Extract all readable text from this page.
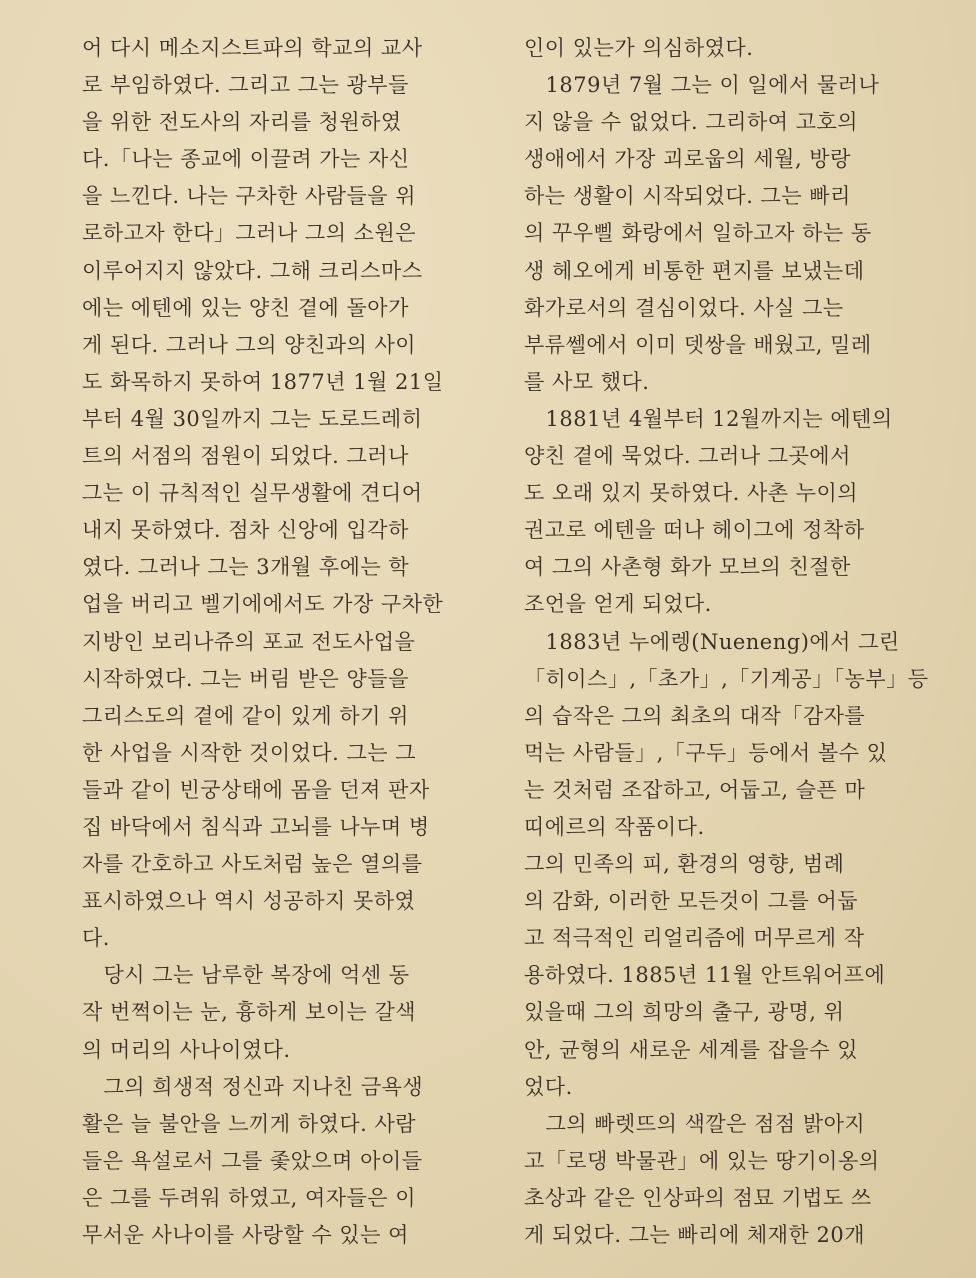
어 다시 메소지스트파의 학교의 교사
로 부임하였다. 그리고 그는 광부들
을 위한 전도사의 자리를 청원하였
다.「나는 종교에 이끌려 가는 자신
을 느낀다. 나는 구차한 사람들을 위
로하고자 한다」그러나 그의 소원은
이루어지지 않았다. 그해 크리스마스
에는 에텐에 있는 양친 곁에 돌아가
게 된다. 그러나 그의 양친과의 사이
도 화목하지 못하여 1877년 1월 21일
부터 4월 30일까지 그는 도로드레히
트의 서점의 점원이 되었다. 그러나
그는 이 규칙적인 실무생활에 견디어
내지 못하였다. 점차 신앙에 입각하
였다. 그러나 그는 3개월 후에는 학
업을 버리고 벨기에에서도 가장 구차한
지방인 보리나쥬의 포교 전도사업을
시작하였다. 그는 버림 받은 양들을
그리스도의 곁에 같이 있게 하기 위
한 사업을 시작한 것이었다. 그는 그
들과 같이 빈궁상태에 몸을 던져 판자
집 바닥에서 침식과 고뇌를 나누며 병
자를 간호하고 사도처럼 높은 열의를
표시하였으나 역시 성공하지 못하였
다.
　당시 그는 남루한 복장에 억센 동
작 번쩍이는 눈, 흉하게 보이는 갈색
의 머리의 사나이였다.
　그의 희생적 정신과 지나친 금욕생
활은 늘 불안을 느끼게 하였다. 사람
들은 욕설로서 그를 좇았으며 아이들
은 그를 두려워 하였고, 여자들은 이
무서운 사나이를 사랑할 수 있는 여
인이 있는가 의심하였다.
　1879년 7월 그는 이 일에서 물러나
지 않을 수 없었다. 그리하여 고호의
생애에서 가장 괴로웁의 세월, 방랑
하는 생활이 시작되었다. 그는 빠리
의 꾸우삘 화랑에서 일하고자 하는 동
생 헤오에게 비통한 편지를 보냈는데
화가로서의 결심이었다. 사실 그는
부류쎌에서 이미 뎃쌍을 배웠고, 밀레
를 사모 했다.
　1881년 4월부터 12월까지는 에텐의
양친 곁에 묵었다. 그러나 그곳에서
도 오래 있지 못하였다. 사촌 누이의
권고로 에텐을 떠나 헤이그에 정착하
여 그의 사촌형 화가 모브의 친절한
조언을 얻게 되었다.
　1883년 누에렝(Nueneng)에서 그린
「히이스」,「초가」,「기계공」「농부」등
의 습작은 그의 최초의 대작「감자를
먹는 사람들」,「구두」등에서 볼수 있
는 것처럼 조잡하고, 어둡고, 슬픈 마
띠에르의 작품이다.
그의 민족의 피, 환경의 영향, 범례
의 감화, 이러한 모든것이 그를 어둡
고 적극적인 리얼리즘에 머무르게 작
용하였다. 1885년 11월 안트워어프에
있을때 그의 희망의 출구, 광명, 위
안, 균형의 새로운 세계를 잡을수 있
었다.
　그의 빠렛뜨의 색깔은 점점 밝아지
고「로댕 박물관」에 있는 땅기이옹의
초상과 같은 인상파의 점묘 기법도 쓰
게 되었다. 그는 빠리에 체재한 20개
